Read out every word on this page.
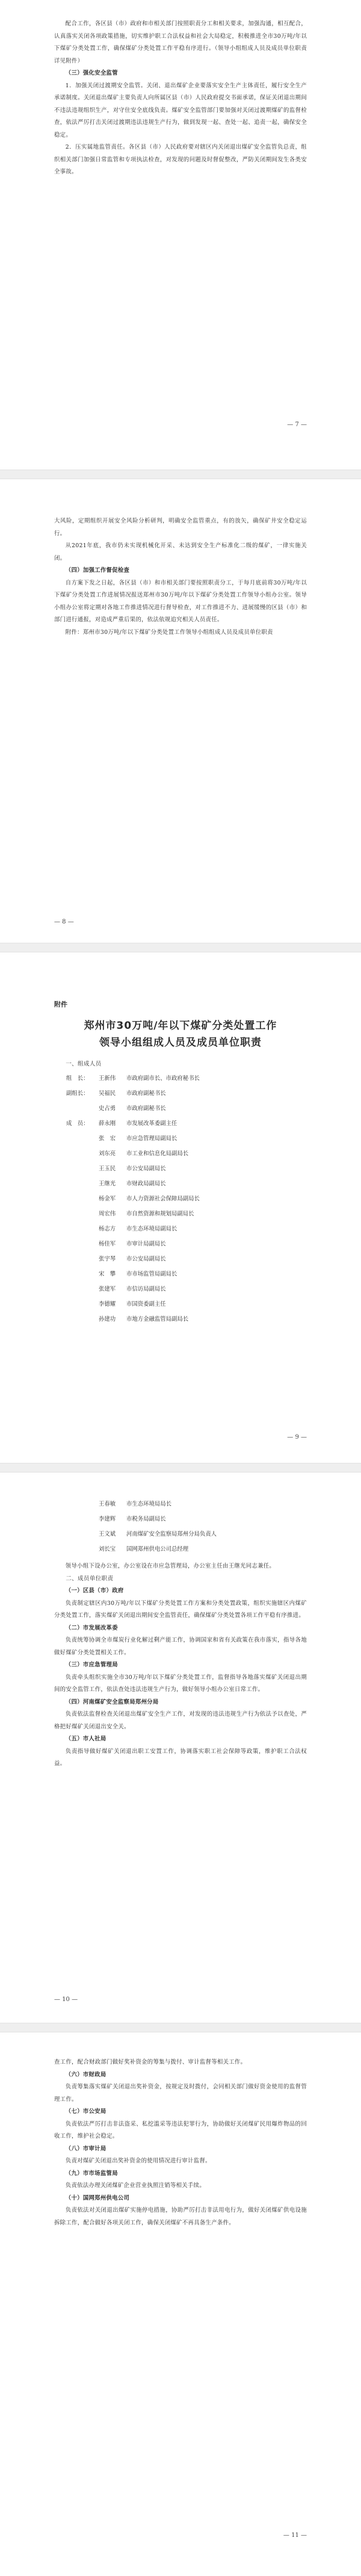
配合工作，各区县（市）政府和市相关部门按照职责分工和相关要求，加强沟通，相互配合，认真落实关闭各项政策措施，切实维护职工合法权益和社会大局稳定，积极推进全市30万吨/年以下煤矿分类处置工作，确保煤矿分类处置工作平稳有序进行。（领导小组组成人员及成员单位职责详见附件）

（三）强化安全监管

1．加强关闭过渡期安全监管。关闭、退出煤矿企业要落实安全生产主体责任，履行安全生产承诺制度。关闭退出煤矿主要负责人向所属区县（市）人民政府提交书面承诺，保证关闭退出期间不违法违规组织生产，对守住安全底线负责。煤矿安全监管部门要加强对关闭过渡期煤矿的监督检查，依法严厉打击关闭过渡期违法违规生产行为，做到发现一起、查处一起、追责一起，确保安全稳定。

2．压实属地监管责任。各区县（市）人民政府要对辖区内关闭退出煤矿安全监管负总责，组织相关部门加强日常监管和专项执法检查，对发现的问题及时督促整改，严防关闭期间发生各类安全事故。

— 7 —

大风险，定期组织开展安全风险分析研判，明确安全监管重点，有的放矢，确保矿井安全稳定运行。

从2021年底，我市仍未实现机械化开采、未达到安全生产标准化二级的煤矿，一律实施关闭。

（四）加强工作督促检查

自方案下发之日起，各区县（市）和市相关部门要按照职责分工，于每月底前将30万吨/年以下煤矿分类处置工作进展情况报送郑州市30万吨/年以下煤矿分类处置工作领导小组办公室。领导小组办公室将定期对各地工作推进情况进行督导检查，对工作推进不力、进展缓慢的区县（市）和部门进行通报，对造成严重后果的，依法依规追究相关人员责任。

附件：郑州市30万吨/年以下煤矿分类处置工作领导小组组成人员及成员单位职责

— 8 —
附件
郑州市30万吨/年以下煤矿分类处置工作
领导小组组成人员及成员单位职责

一、组成人员

组　长：	王新伟	市政府副市长、市政府秘书长
副组长：	吴福民	市政府副秘书长
史占勇	市政府副秘书长
成　员：	薛永刚	市发展改革委副主任
张　宏	市应急管理局副局长
刘东亮	市工业和信息化局副局长
王玉民	市公安局副局长
王继光	市财政局副局长
杨金军	市人力资源社会保障局副局长
周宏伟	市自然资源和规划局副局长
杨志方	市生态环境局副局长
杨佳军	市审计局副局长
张宇琴	市公安局副局长
宋　攀	市市场监管局副局长
张建军	市信访局副局长
李德耀	市国资委副主任
孙建功	市地方金融监管局副局长
— 9 —
王春敏	市生态环境局局长
李建辉	市税务局副局长
王文斌	河南煤矿安全监察局郑州分局负责人
刘长宝	国网郑州供电公司总经理

领导小组下设办公室，办公室设在市应急管理局，办公室主任由王继光同志兼任。

二、成员单位职责

（一）区县（市）政府

负责制定辖区内30万吨/年以下煤矿分类处置工作方案和分类处置政策，组织实施辖区内煤矿分类处置工作，落实煤矿关闭退出期间安全监管责任，确保煤矿分类处置各项工作平稳有序推进。

（二）市发展改革委

负责统筹协调全市煤炭行业化解过剩产能工作，协调国家和省有关政策在我市落实，指导各地做好煤矿分类处置相关工作。

（三）市应急管理局

负责牵头组织实施全市30万吨/年以下煤矿分类处置工作，监督指导各地落实煤矿关闭退出期间的安全监管工作，依法查处违法违规生产行为，做好领导小组办公室日常工作。

（四）河南煤矿安全监察局郑州分局

负责依法监督检查关闭退出煤矿安全生产工作，对发现的违法违规生产行为依法予以查处，严格把好煤矿关闭退出安全关。

（五）市人社局

负责指导做好煤矿关闭退出职工安置工作，协调落实职工社会保障等政策，维护职工合法权益。

— 10 —

查工作，配合财政部门做好奖补资金的筹集与拨付、审计监督等相关工作。

（六）市财政局

负责筹集落实煤矿关闭退出奖补资金，按规定及时拨付，会同相关部门做好资金使用的监督管理工作。

（七）市公安局

负责依法严厉打击非法盗采、私挖滥采等违法犯罪行为，协助做好关闭煤矿民用爆炸物品的回收工作，维护社会稳定。

（八）市审计局

负责对煤矿关闭退出奖补资金的使用情况进行审计监督。

（九）市市场监管局

负责依法办理关闭煤矿企业营业执照注销等相关手续。

（十）国网郑州供电公司

负责依法对关闭退出煤矿实施停电措施，协助严厉打击非法用电行为，做好关闭煤矿供电设施拆除工作，配合做好各项关闭工作，确保关闭煤矿不再具备生产条件。

— 11 —
